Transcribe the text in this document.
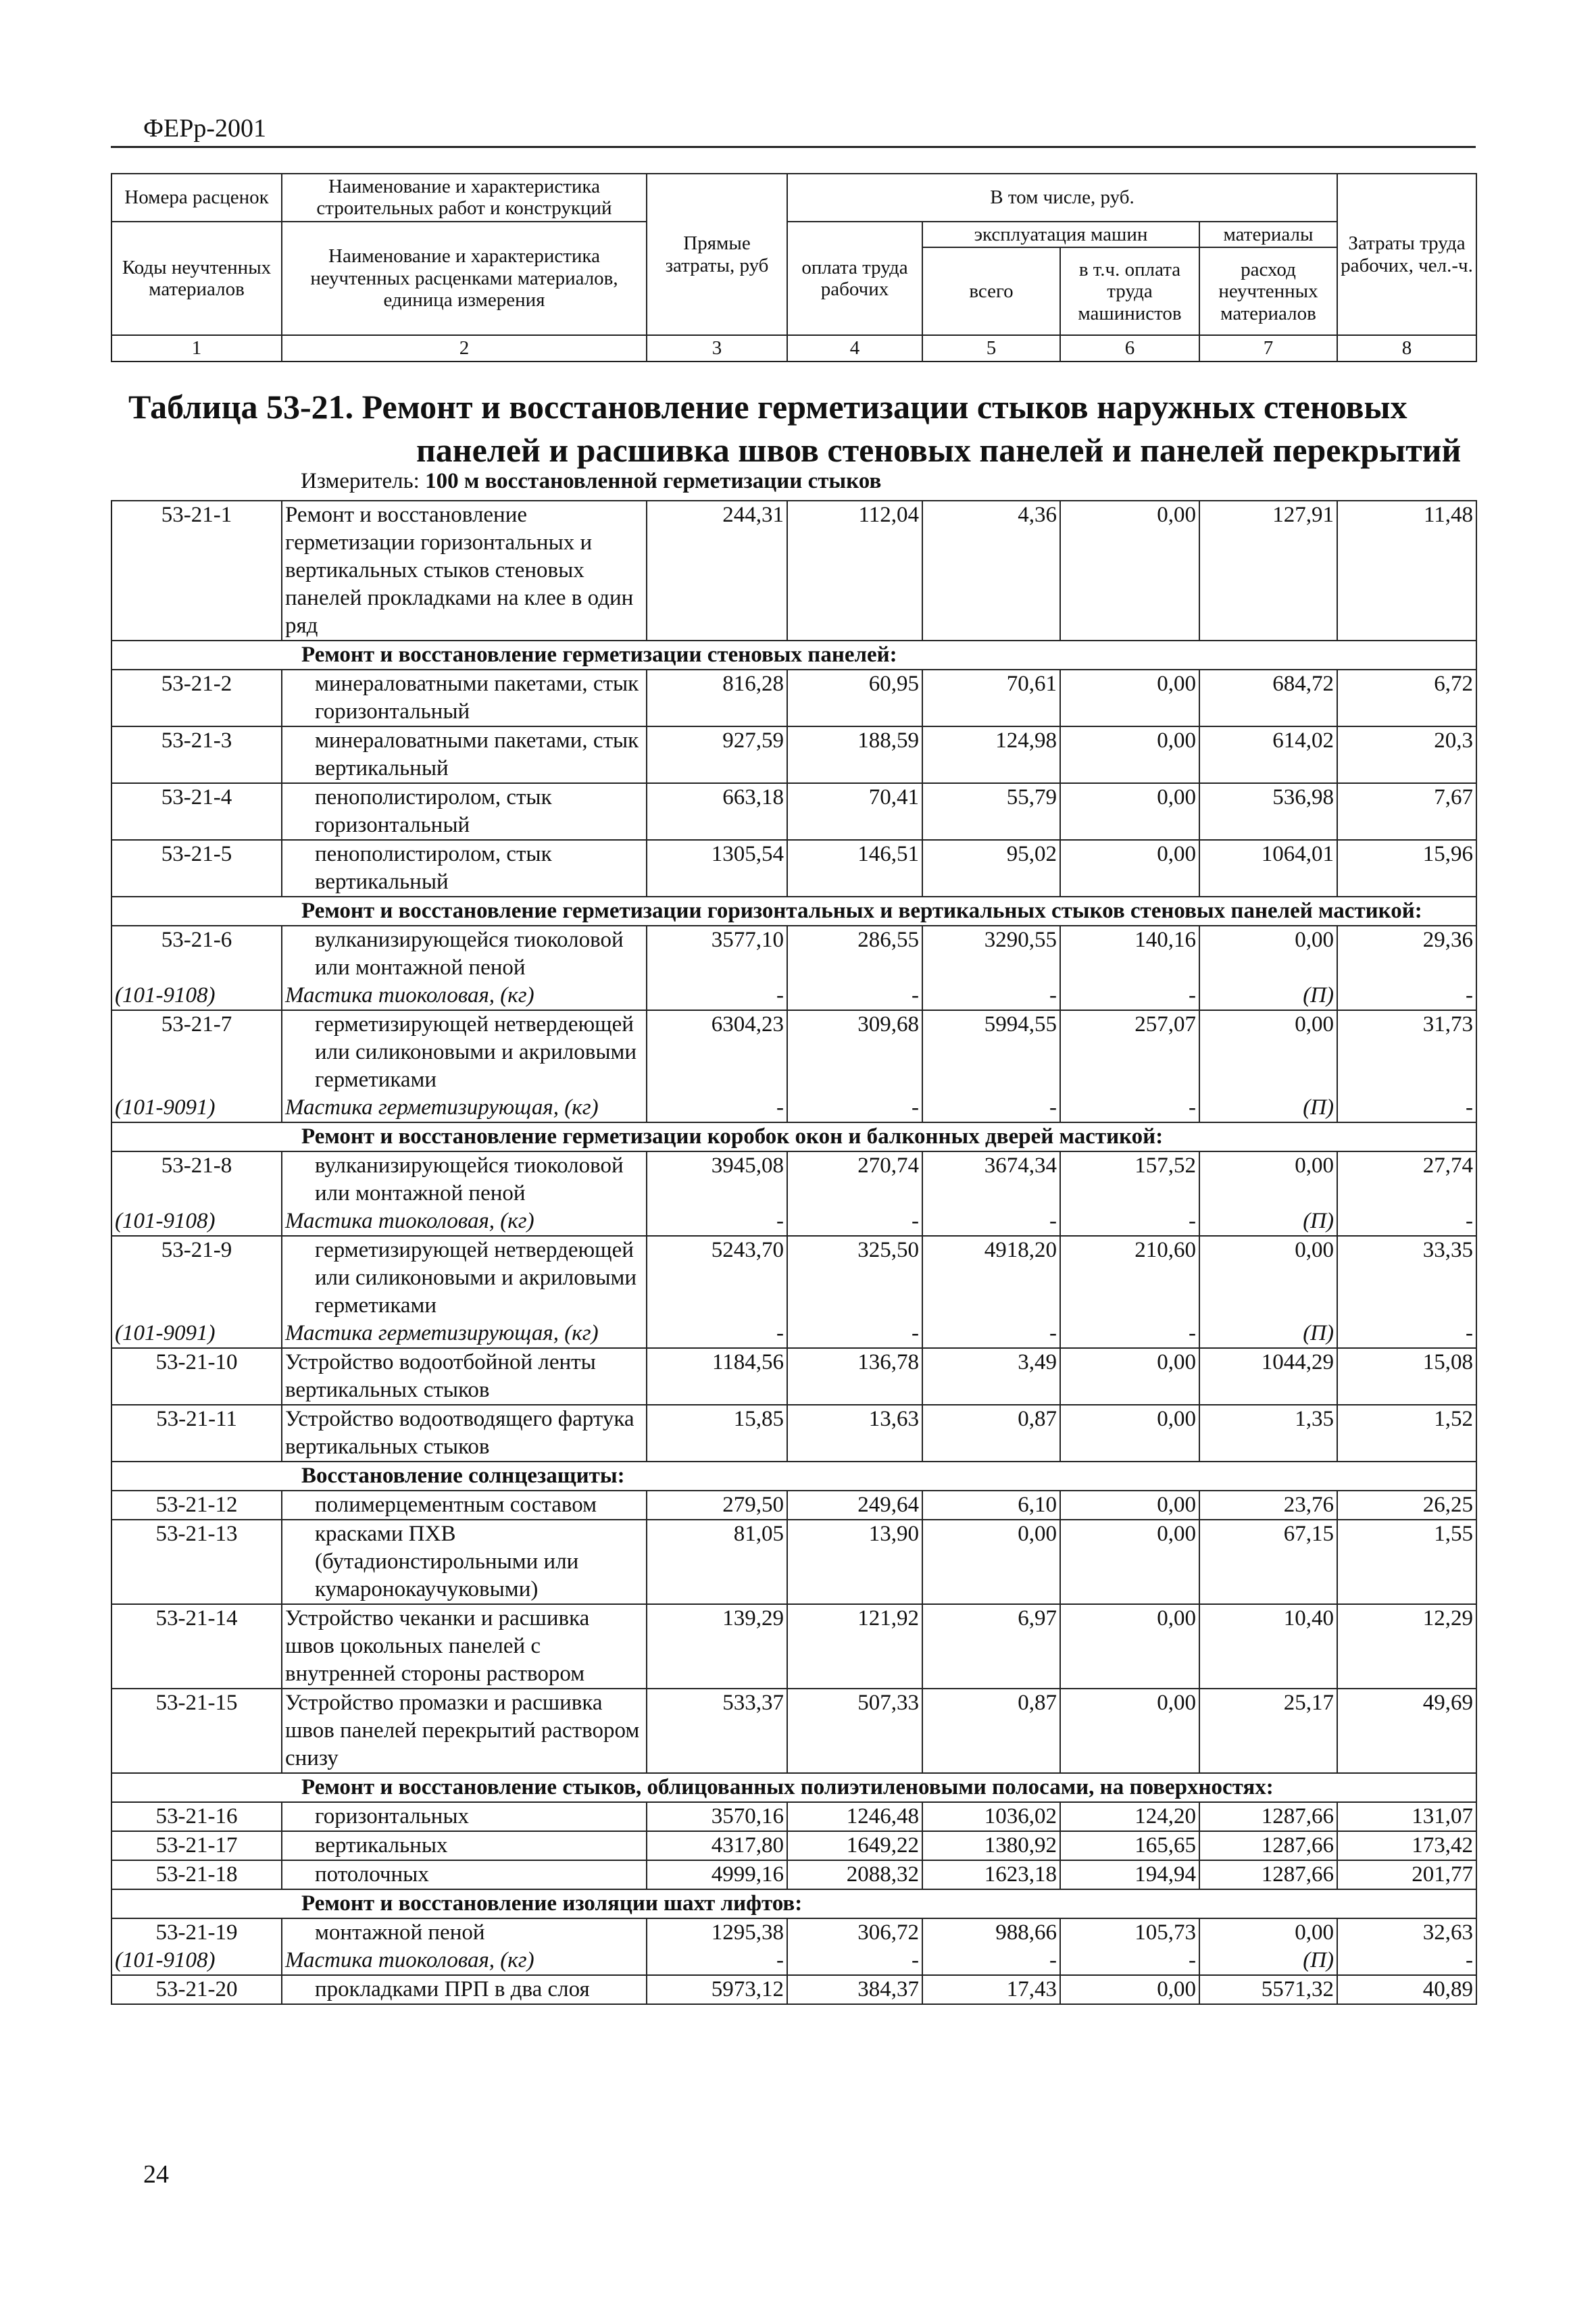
ФЕРр-2001
Номера расценок	Наименование и характеристика строительных работ и конструкций	Прямые затраты, руб	В том числе, руб.				Затраты труда рабочих, чел.-ч.
Коды неучтенных материалов	Наименование и характеристика неучтенных расценками материалов, единица измерения		оплата труда рабочих	эксплуатация машин		материалы	
				всего	в т.ч. оплата труда машинистов	расход неучтенных материалов	
1	2	3	4	5	6	7	8
Таблица 53-21. Ремонт и восстановление герметизации стыков наружных стеновых
панелей и расшивка швов стеновых панелей и панелей перекрытий
Измеритель: 100 м восстановленной герметизации стыков
53-21-1	Ремонт и восстановление герметизации горизонтальных и вертикальных стыков стеновых панелей прокладками на клее в один ряд	244,31	112,04	4,36	0,00	127,91	11,48
Ремонт и восстановление герметизации стеновых панелей:							
53-21-2	минераловатными пакетами, стык горизонтальный	816,28	60,95	70,61	0,00	684,72	6,72
53-21-3	минераловатными пакетами, стык вертикальный	927,59	188,59	124,98	0,00	614,02	20,3
53-21-4	пенополистиролом, стык горизонтальный	663,18	70,41	55,79	0,00	536,98	7,67
53-21-5	пенополистиролом, стык вертикальный	1305,54	146,51	95,02	0,00	1064,01	15,96
Ремонт и восстановление герметизации горизонтальных и вертикальных стыков стеновых панелей мастикой:							
53-21-6	вулканизирующейся тиоколовой или монтажной пеной	3577,10	286,55	3290,55	140,16	0,00	29,36
(101-9108)	Мастика тиоколовая, (кг)	-	-	-	-	(П)	-
53-21-7	герметизирующей нетвердеющей или силиконовыми и акриловыми герметиками	6304,23	309,68	5994,55	257,07	0,00	31,73
(101-9091)	Мастика герметизирующая, (кг)	-	-	-	-	(П)	-
Ремонт и восстановление герметизации коробок окон и балконных дверей мастикой:							
53-21-8	вулканизирующейся тиоколовой или монтажной пеной	3945,08	270,74	3674,34	157,52	0,00	27,74
(101-9108)	Мастика тиоколовая, (кг)	-	-	-	-	(П)	-
53-21-9	герметизирующей нетвердеющей или силиконовыми и акриловыми герметиками	5243,70	325,50	4918,20	210,60	0,00	33,35
(101-9091)	Мастика герметизирующая, (кг)	-	-	-	-	(П)	-
53-21-10	Устройство водоотбойной ленты вертикальных стыков	1184,56	136,78	3,49	0,00	1044,29	15,08
53-21-11	Устройство водоотводящего фартука вертикальных стыков	15,85	13,63	0,87	0,00	1,35	1,52
Восстановление солнцезащиты:							
53-21-12	полимерцементным составом	279,50	249,64	6,10	0,00	23,76	26,25
53-21-13	красками ПХВ (бутадионстирольными или кумаронокаучуковыми)	81,05	13,90	0,00	0,00	67,15	1,55
53-21-14	Устройство чеканки и расшивка швов цокольных панелей с внутренней стороны раствором	139,29	121,92	6,97	0,00	10,40	12,29
53-21-15	Устройство промазки и расшивка швов панелей перекрытий раствором снизу	533,37	507,33	0,87	0,00	25,17	49,69
Ремонт и восстановление стыков, облицованных полиэтиленовыми полосами, на поверхностях:							
53-21-16	горизонтальных	3570,16	1246,48	1036,02	124,20	1287,66	131,07
53-21-17	вертикальных	4317,80	1649,22	1380,92	165,65	1287,66	173,42
53-21-18	потолочных	4999,16	2088,32	1623,18	194,94	1287,66	201,77
Ремонт и восстановление изоляции шахт лифтов:							
53-21-19	монтажной пеной	1295,38	306,72	988,66	105,73	0,00	32,63
(101-9108)	Мастика тиоколовая, (кг)	-	-	-	-	(П)	-
53-21-20	прокладками ПРП в два слоя	5973,12	384,37	17,43	0,00	5571,32	40,89
24
